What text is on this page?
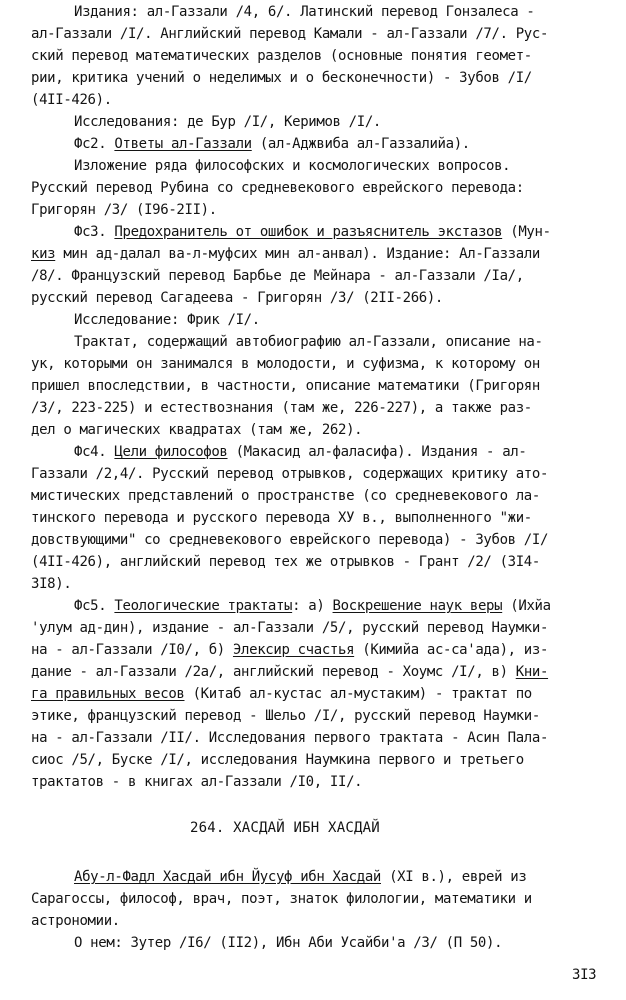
Издания: ал-Газзали /4, 6/. Латинский перевод Гонзалеса -
ал-Газзали /I/. Английский перевод Камали - ал-Газзали /7/. Рус-
ский перевод математических разделов (основные понятия геомет-
рии, критика учений о неделимых и о бесконечности) - Зубов /I/
(4II-426).
Исследования: де Бур /I/, Керимов /I/.
Фс2. Ответы ал-Газзали (ал-Аджвиба ал-Газзалийа).
Изложение ряда философских и космологических вопросов.
Русский перевод Рубина со средневекового еврейского перевода:
Григорян /3/ (I96-2II).
Фс3. Предохранитель от ошибок и разъяснитель экстазов (Мун-
киз мин ад-далал ва-л-муфсих мин ал-анвал). Издание: Ал-Газзали
/8/. Французский перевод Барбье де Мейнара - ал-Газзали /Ia/,
русский перевод Сагадеева - Григорян /3/ (2II-266).
Исследование: Фрик /I/.
Трактат, содержащий автобиографию ал-Газзали, описание на-
ук, которыми он занимался в молодости, и суфизма, к которому он
пришел впоследствии, в частности, описание математики (Григорян
/3/, 223-225) и естествознания (там же, 226-227), а также раз-
дел о магических квадратах (там же, 262).
Фс4. Цели философов (Макасид ал-фаласифа). Издания - ал-
Газзали /2,4/. Русский перевод отрывков, содержащих критику ато-
мистических представлений о пространстве (со средневекового ла-
тинского перевода и русского перевода ХУ в., выполненного "жи-
довствующими" со средневекового еврейского перевода) - Зубов /I/
(4II-426), английский перевод тех же отрывков - Грант /2/ (3I4-
3I8).
Фс5. Теологические трактаты: а) Воскрешение наук веры (Ихйа
'улум ад-дин), издание - ал-Газзали /5/, русский перевод Наумки-
на - ал-Газзали /I0/, б) Элексир счастья (Кимийа ас-са'ада), из-
дание - ал-Газзали /2а/, английский перевод - Хоумс /I/, в) Кни-
га правильных весов (Китаб ал-кустас ал-мустаким) - трактат по
этике, французский перевод - Шельо /I/, русский перевод Наумки-
на - ал-Газзали /II/. Исследования первого трактата - Асин Пала-
сиос /5/, Буске /I/, исследования Наумкина первого и третьего
трактатов - в книгах ал-Газзали /I0, II/.
264. ХАСДАЙ ИБН ХАСДАЙ
Абу-л-Фадл Хасдай ибн Йусуф ибн Хасдай (XI в.), еврей из
Сарагоссы, философ, врач, поэт, знаток филологии, математики и
астрономии.
О нем: Зутер /I6/ (II2), Ибн Аби Усайби'а /3/ (П 50).
3I3
